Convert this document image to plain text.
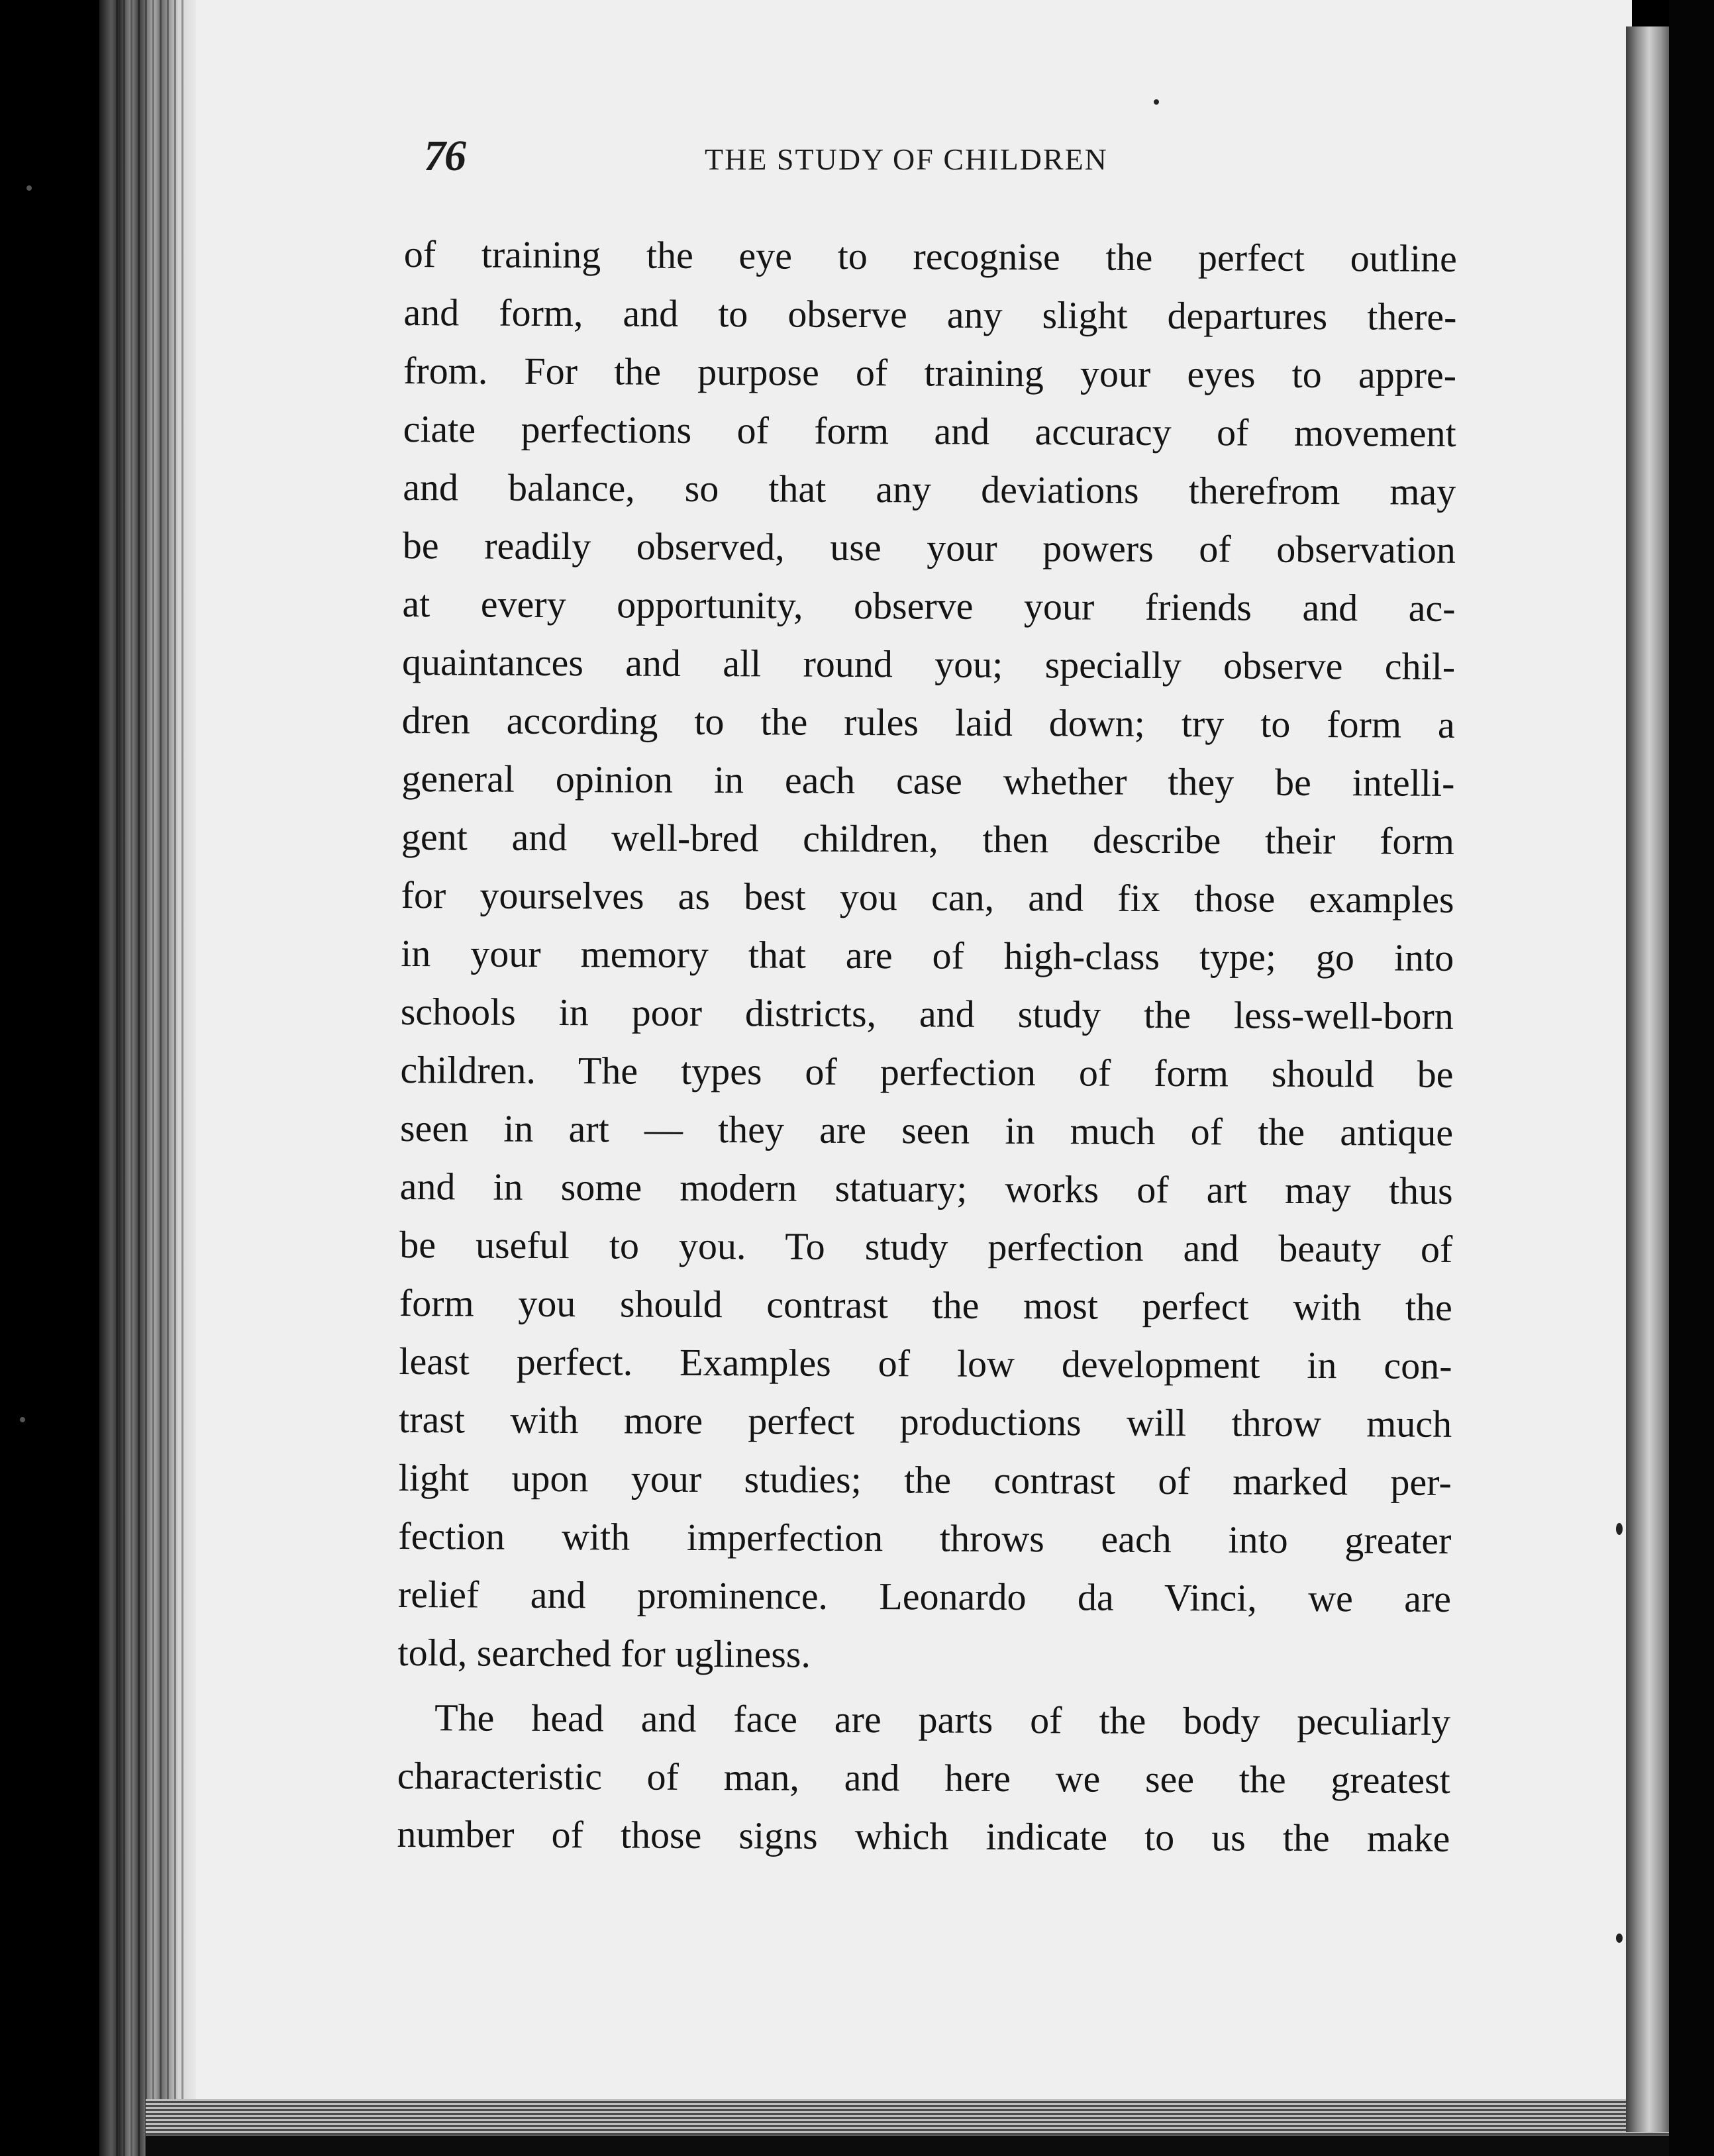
76	THE STUDY OF CHILDREN

of training the eye to recognise the perfect outline
and form, and to observe any slight departures there-
from. For the purpose of training your eyes to appre-
ciate perfections of form and accuracy of movement
and balance, so that any deviations therefrom may
be readily observed, use your powers of observation
at every opportunity, observe your friends and ac-
quaintances and all round you; specially observe chil-
dren according to the rules laid down; try to form a
general opinion in each case whether they be intelli-
gent and well-bred children, then describe their form
for yourselves as best you can, and fix those examples
in your memory that are of high-class type; go into
schools in poor districts, and study the less-well-born
children. The types of perfection of form should be
seen in art — they are seen in much of the antique
and in some modern statuary; works of art may thus
be useful to you. To study perfection and beauty of
form you should contrast the most perfect with the
least perfect. Examples of low development in con-
trast with more perfect productions will throw much
light upon your studies; the contrast of marked per-
fection with imperfection throws each into greater
relief and prominence. Leonardo da Vinci, we are
told, searched for ugliness.

The head and face are parts of the body peculiarly
characteristic of man, and here we see the greatest
number of those signs which indicate to us the make
